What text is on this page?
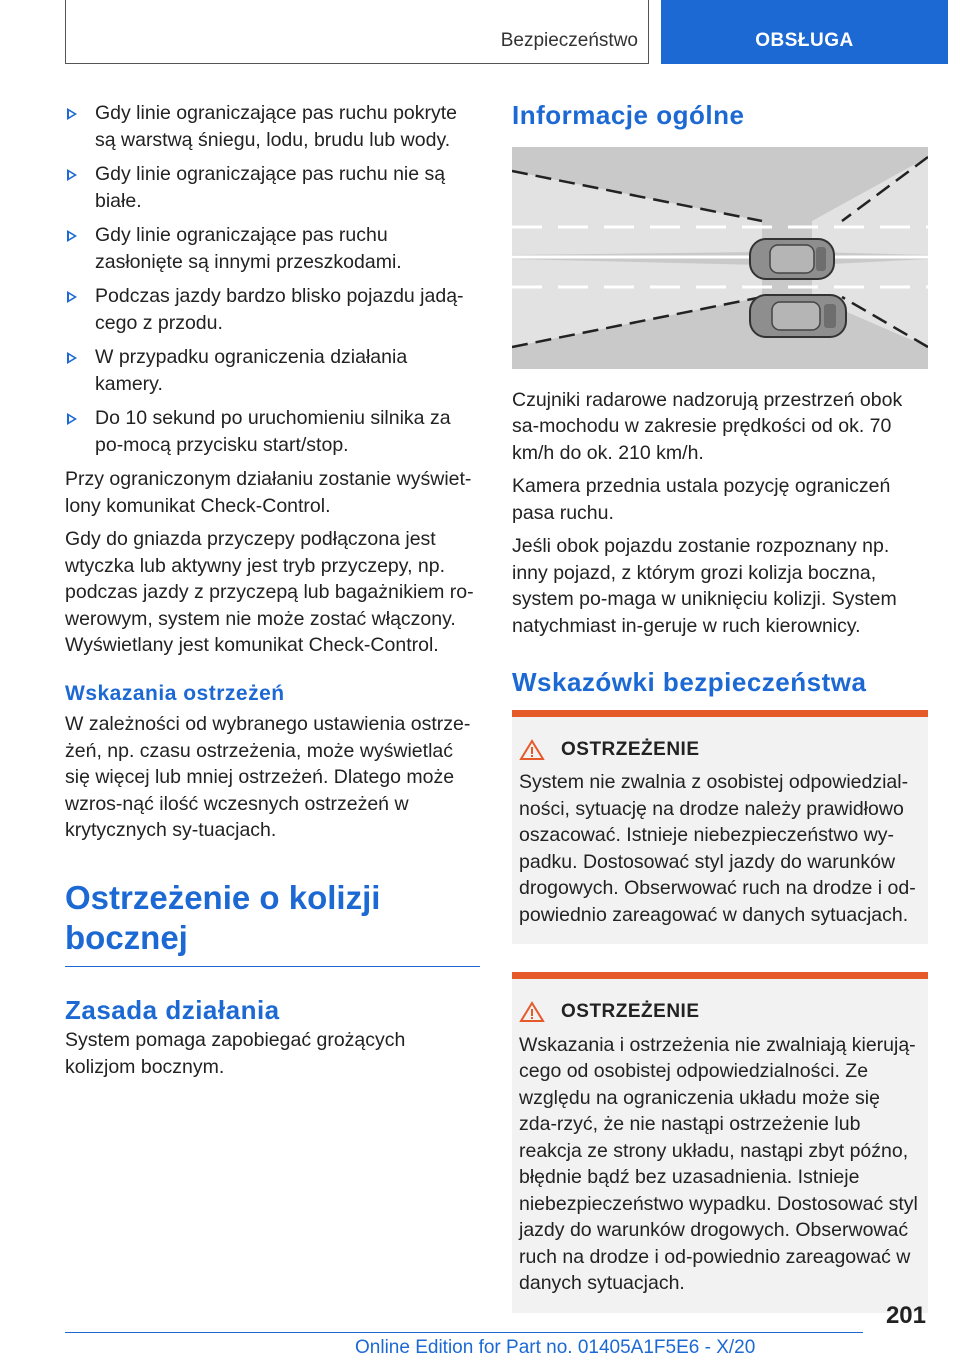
Bezpieczeństwo	OBSŁUGA
Gdy linie ograniczające pas ruchu pokryte są warstwą śniegu, lodu, brudu lub wody.
Gdy linie ograniczające pas ruchu nie są białe.
Gdy linie ograniczające pas ruchu zasłonięte są innymi przeszkodami.
Podczas jazdy bardzo blisko pojazdu jadą-cego z przodu.
W przypadku ograniczenia działania kamery.
Do 10 sekund po uruchomieniu silnika za po-mocą przycisku start/stop.

Przy ograniczonym działaniu zostanie wyświet-lony komunikat Check-Control.

Gdy do gniazda przyczepy podłączona jest wtyczka lub aktywny jest tryb przyczepy, np. podczas jazdy z przyczepą lub bagażnikiem ro-werowym, system nie może zostać włączony. Wyświetlany jest komunikat Check-Control.

Wskazania ostrzeżeń

W zależności od wybranego ustawienia ostrze-żeń, np. czasu ostrzeżenia, może wyświetlać się więcej lub mniej ostrzeżeń. Dlatego może wzros-nąć ilość wczesnych ostrzeżeń w krytycznych sy-tuacjach.

Ostrzeżenie o kolizji bocznej
Zasada działania

System pomaga zapobiegać grożących kolizjom bocznym.

Informacje ogólne

Czujniki radarowe nadzorują przestrzeń obok sa-mochodu w zakresie prędkości od ok. 70 km/h do ok. 210 km/h.

Kamera przednia ustala pozycję ograniczeń pasa ruchu.

Jeśli obok pojazdu zostanie rozpoznany np. inny pojazd, z którym grozi kolizja boczna, system po-maga w uniknięciu kolizji. System natychmiast in-geruje w ruch kierownicy.

Wskazówki bezpieczeństwa
OSTRZEŻENIE

System nie zwalnia z osobistej odpowiedzial-ności, sytuację na drodze należy prawidłowo oszacować. Istnieje niebezpieczeństwo wy-padku. Dostosować styl jazdy do warunków drogowych. Obserwować ruch na drodze i od-powiednio zareagować w danych sytuacjach.

OSTRZEŻENIE

Wskazania i ostrzeżenia nie zwalniają kierują-cego od osobistej odpowiedzialności. Ze względu na ograniczenia układu może się zda-rzyć, że nie nastąpi ostrzeżenie lub reakcja ze strony układu, nastąpi zbyt późno, błędnie bądź bez uzasadnienia. Istnieje niebezpieczeństwo wypadku. Dostosować styl jazdy do warunków drogowych. Obserwować ruch na drodze i od-powiednio zareagować w danych sytuacjach.

201
Online Edition for Part no. 01405A1F5E6 - X/20
